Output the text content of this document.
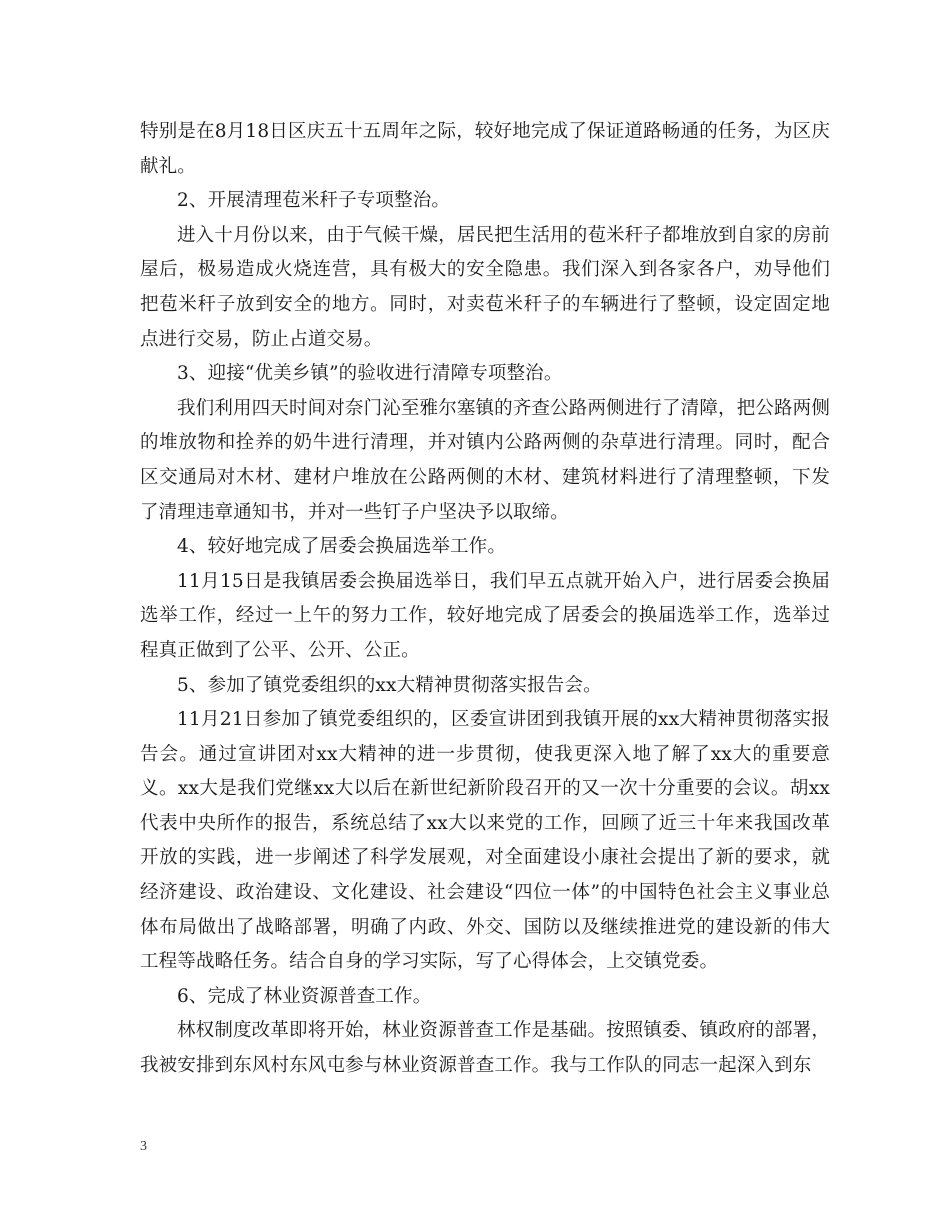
特别是在8月18日区庆五十五周年之际，较好地完成了保证道路畅通的任务，为区庆献礼。

2、开展清理苞米秆子专项整治。

进入十月份以来，由于气候干燥，居民把生活用的苞米秆子都堆放到自家的房前屋后，极易造成火烧连营，具有极大的安全隐患。我们深入到各家各户，劝导他们把苞米秆子放到安全的地方。同时，对卖苞米秆子的车辆进行了整顿，设定固定地点进行交易，防止占道交易。

3、迎接“优美乡镇”的验收进行清障专项整治。

我们利用四天时间对奈门沁至雅尔塞镇的齐查公路两侧进行了清障，把公路两侧的堆放物和拴养的奶牛进行清理，并对镇内公路两侧的杂草进行清理。同时，配合区交通局对木材、建材户堆放在公路两侧的木材、建筑材料进行了清理整顿，下发了清理违章通知书，并对一些钉子户坚决予以取缔。

4、较好地完成了居委会换届选举工作。

11月15日是我镇居委会换届选举日，我们早五点就开始入户，进行居委会换届选举工作，经过一上午的努力工作，较好地完成了居委会的换届选举工作，选举过程真正做到了公平、公开、公正。

5、参加了镇党委组织的xx大精神贯彻落实报告会。

11月21日参加了镇党委组织的，区委宣讲团到我镇开展的xx大精神贯彻落实报告会。通过宣讲团对xx大精神的进一步贯彻，使我更深入地了解了xx大的重要意义。xx大是我们党继xx大以后在新世纪新阶段召开的又一次十分重要的会议。胡xx代表中央所作的报告，系统总结了xx大以来党的工作，回顾了近三十年来我国改革开放的实践，进一步阐述了科学发展观，对全面建设小康社会提出了新的要求，就经济建设、政治建设、文化建设、社会建设“四位一体”的中国特色社会主义事业总体布局做出了战略部署，明确了内政、外交、国防以及继续推进党的建设新的伟大工程等战略任务。结合自身的学习实际，写了心得体会，上交镇党委。

6、完成了林业资源普查工作。

林权制度改革即将开始，林业资源普查工作是基础。按照镇委、镇政府的部署，我被安排到东风村东风屯参与林业资源普查工作。我与工作队的同志一起深入到东

3
